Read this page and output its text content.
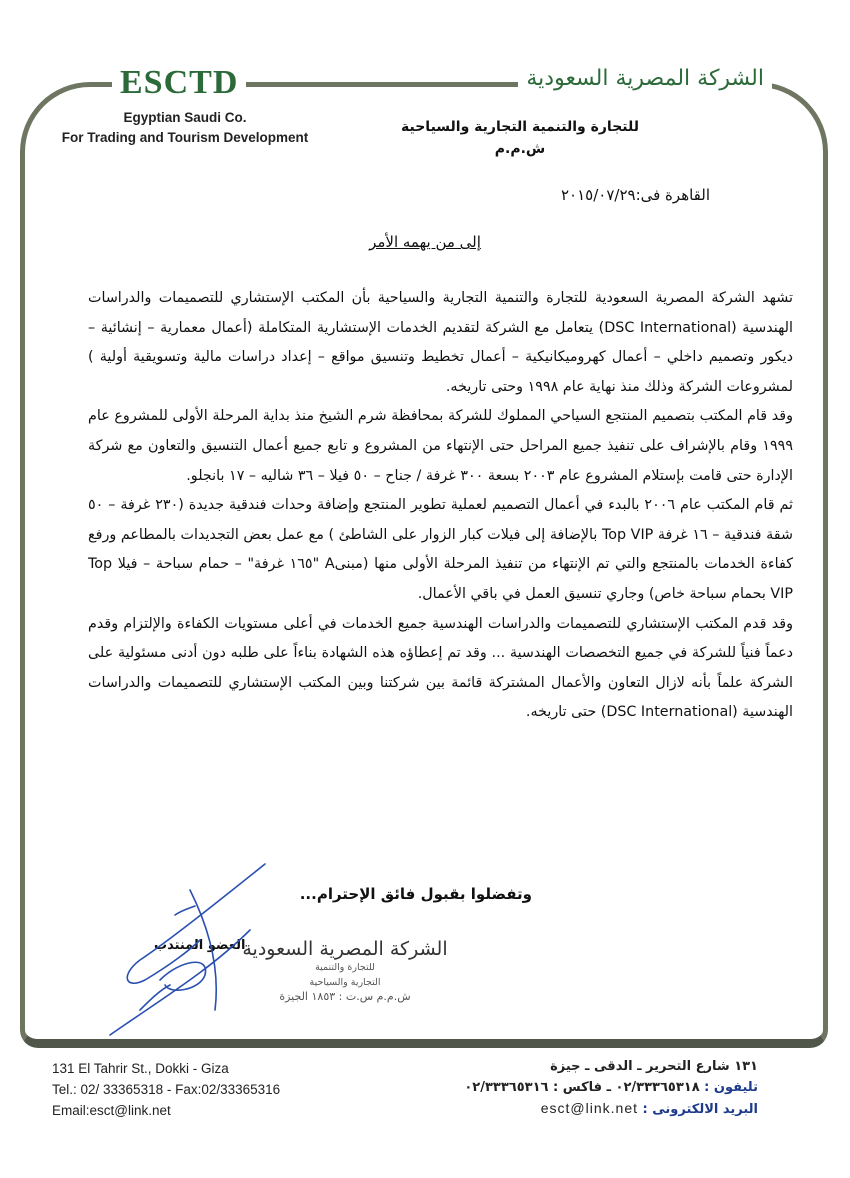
ESCTD	الشركة المصرية السعودية
Egyptian Saudi Co.
For Trading and Tourism Development
للتجارة والتنمية التجارية والسياحية
ش.م.م
القاهرة فى:٢٠١٥/٠٧/٢٩
إلى من يهمه الأمر

تشهد الشركة المصرية السعودية للتجارة والتنمية التجارية والسياحية بأن المكتب الإستشاري للتصميمات والدراسات الهندسية (DSC International) يتعامل مع الشركة لتقديم الخدمات الإستشارية المتكاملة (أعمال معمارية – إنشائية – ديكور وتصميم داخلي – أعمال كهروميكانيكية – أعمال تخطيط وتنسيق مواقع – إعداد دراسات مالية وتسويقية أولية ) لمشروعات الشركة وذلك منذ نهاية عام ١٩٩٨ وحتى تاريخه.

وقد قام المكتب بتصميم المنتجع السياحي المملوك للشركة بمحافظة شرم الشيخ منذ بداية المرحلة الأولى للمشروع عام ١٩٩٩ وقام بالإشراف على تنفيذ جميع المراحل حتى الإنتهاء من المشروع و تابع جميع أعمال التنسيق والتعاون مع شركة الإدارة حتى قامت بإستلام المشروع عام ٢٠٠٣ بسعة ٣٠٠ غرفة / جناح – ٥٠ فيلا – ٣٦ شاليه – ١٧ بانجلو.

ثم قام المكتب عام ٢٠٠٦ بالبدء في أعمال التصميم لعملية تطوير المنتجع وإضافة وحدات فندقية جديدة (٢٣٠ غرفة – ٥٠ شقة فندقية – ١٦ غرفة Top VIP بالإضافة إلى فيلات كبار الزوار على الشاطئ ) مع عمل بعض التجديدات بالمطاعم ورفع كفاءة الخدمات بالمنتجع والتي تم الإنتهاء من تنفيذ المرحلة الأولى منها (مبنىA "١٦٥ غرفة" – حمام سباحة – فيلا Top VIP بحمام سباحة خاص) وجاري تنسيق العمل في باقي الأعمال.

وقد قدم المكتب الإستشاري للتصميمات والدراسات الهندسية جميع الخدمات في أعلى مستويات الكفاءة والإلتزام وقدم دعماً فنياً للشركة في جميع التخصصات الهندسية ... وقد تم إعطاؤه هذه الشهادة بناءاً على طلبه دون أدنى مسئولية على الشركة علماً بأنه لازال التعاون والأعمال المشتركة قائمة بين شركتنا وبين المكتب الإستشاري للتصميمات والدراسات الهندسية (DSC International) حتى تاريخه.

وتفضلوا بقبول فائق الإحترام...
الشركة المصرية السعودية
للتجارة والتنمية
التجارية والسياحية
ش.م.م س.ت : ١٨٥٣ الجيزة
العضو المنتدب
131 El Tahrir St., Dokki - Giza
Tel.: 02/ 33365318 - Fax:02/33365316
Email:esct@link.net
١٣١ شارع التحرير ـ الدقى ـ جيزة
تليفون : ٠٢/٣٣٣٦٥٣١٨ ـ فاكس : ٠٢/٣٣٣٦٥٣١٦
البريد الالكترونى : esct@link.net
